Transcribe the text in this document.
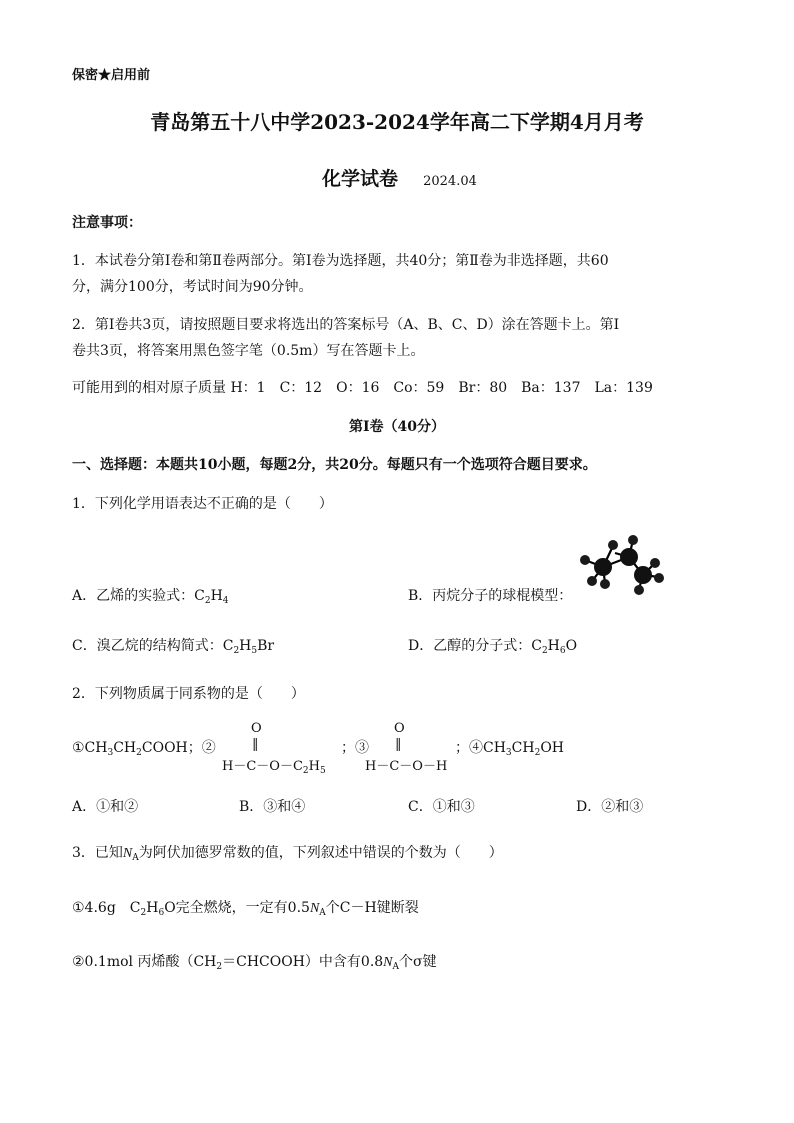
保密★启用前
青岛第五十八中学2023-2024学年高二下学期4月月考
化学试卷 2024.04
注意事项：
1．本试卷分第Ⅰ卷和第Ⅱ卷两部分。第Ⅰ卷为选择题，共40分；第Ⅱ卷为非选择题，共60
分，满分100分，考试时间为90分钟。
2．第Ⅰ卷共3页，请按照题目要求将选出的答案标号（A、B、C、D）涂在答题卡上。第Ⅰ
卷共3页，将答案用黑色签字笔（0.5m）写在答题卡上。
可能用到的相对原子质量 H：1　C：12　O：16　Co：59　Br：80　Ba：137　La：139
第Ⅰ卷（40分）
一、选择题：本题共10小题，每题2分，共20分。每题只有一个选项符合题目要求。
1．下列化学用语表达不正确的是（　　）
A．乙烯的实验式：$C_2H_4$	B．丙烷分子的球棍模型：
C．溴乙烷的结构简式：$C_2H_5Br$	D．乙醇的分子式：$C_2H_6O$
2．下列物质属于同系物的是（　　）
$①CH_3CH_2COOH$；②
O
‖
$H-C-O-C_2H_5$
；③
O
‖
H－C－O－H
；$④CH_3CH_2OH$
A．①和②	B．③和④	C．①和③	D．②和③
3．已知$N_A$为阿伏加德罗常数的值，下列叙述中错误的个数为（　　）
①4.6g　$C_2H_6O$完全燃烧，一定有$0.5N_A$个C－H键断裂
②0.1mol 丙烯酸$(CH_2=CHCOOH)$中含有$0.8N_A$个σ键
